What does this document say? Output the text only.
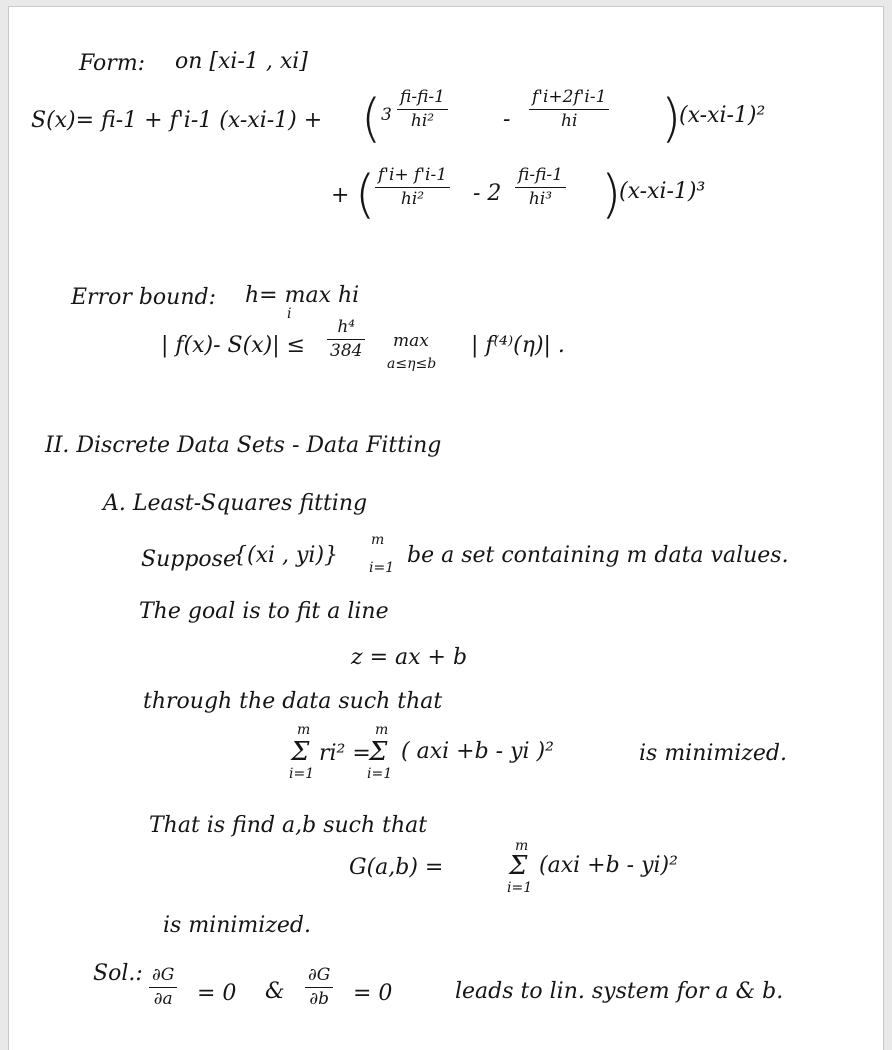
Form: on [xi-1 , xi]
S(x)= fi-1 + f'i-1 (x-xi-1) + ( 3
fi-fi-1
hi²	-
f'i+2f'i-1
hi	)
(x-xi-1)²
+ ( f'i+ f'i-1
hi²	- 2
fi-fi-1
hi³ )
(x-xi-1)³
Error bound: h= max hi
i
| f(x)- S(x)| ≤
h⁴
384 max
a≤η≤b
| f⁽⁴⁾(η)| .
II. Discrete Data Sets - Data Fitting
A. Least-Squares fitting
Suppose
{(xi , yi)}
m
i=1 be a set containing m data values.
The goal is to fit a line
z = ax + b
through the data such that
m
Σ
i=1
ri² =
m
Σ
i=1
( axi +b - yi )²	is minimized.
That is find a,b such that
G(a,b) =
m
Σ
i=1
(axi +b - yi)²
is minimized.
Sol.: ∂G
∂a = 0 &
∂G
∂b = 0	leads to lin. system for a & b.
